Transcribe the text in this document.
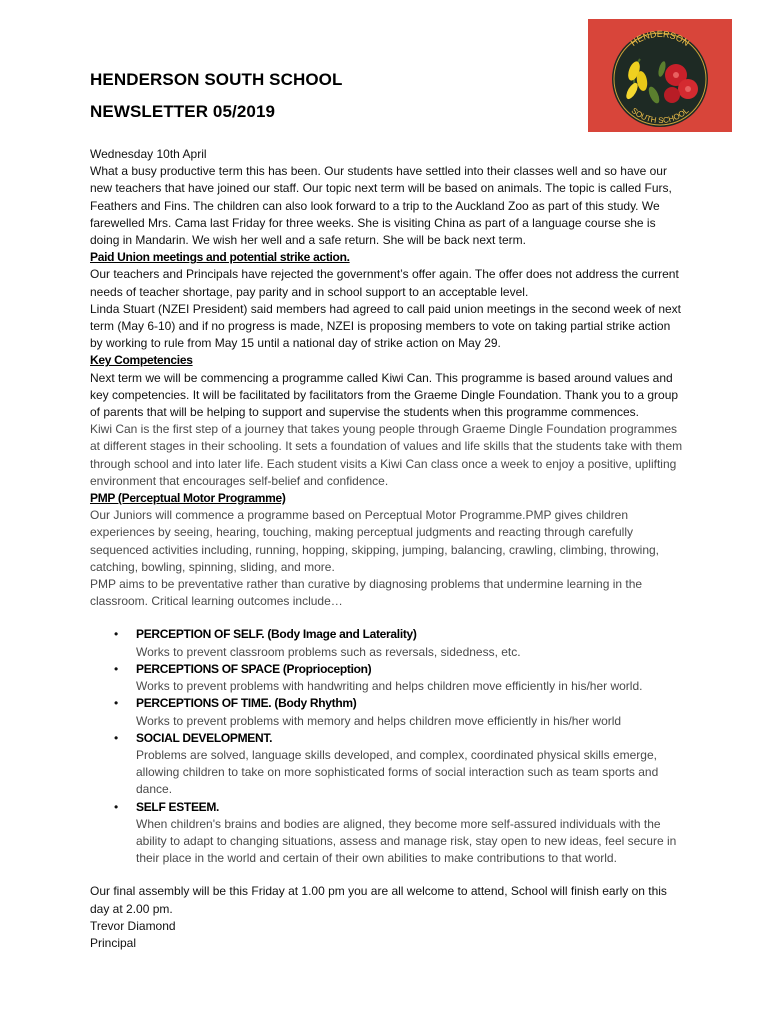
HENDERSON
SOUTH SCHOOL
HENDERSON SOUTH SCHOOL
NEWSLETTER 05/2019

Wednesday 10th April

What a busy productive term this has been. Our students have settled into their classes well and so have our new teachers that have joined our staff. Our topic next term will be based on animals. The topic is called Furs, Feathers and Fins. The children can also look forward to a trip to the Auckland Zoo as part of this study. We farewelled Mrs. Cama last Friday for three weeks. She is visiting China as part of a language course she is doing in Mandarin. We wish her well and a safe return. She will be back next term.

Paid Union meetings and potential strike action.

Our teachers and Principals have rejected the government’s offer again. The offer does not address the current needs of teacher shortage, pay parity and in school support to an acceptable level.

Linda Stuart (NZEI President) said members had agreed to call paid union meetings in the second week of next term (May 6-10) and if no progress is made, NZEI is proposing members to vote on taking partial strike action by working to rule from May 15 until a national day of strike action on May 29.

Key Competencies

Next term we will be commencing a programme called Kiwi Can. This programme is based around values and key competencies. It will be facilitated by facilitators from the Graeme Dingle Foundation. Thank you to a group of parents that will be helping to support and supervise the students when this programme commences.

Kiwi Can is the first step of a journey that takes young people through Graeme Dingle Foundation programmes at different stages in their schooling. It sets a foundation of values and life skills that the students take with them through school and into later life. Each student visits a Kiwi Can class once a week to enjoy a positive, uplifting environment that encourages self-belief and confidence.

PMP (Perceptual Motor Programme)

Our Juniors will commence a programme based on Perceptual Motor Programme.PMP gives children experiences by seeing, hearing, touching, making perceptual judgments and reacting through carefully sequenced activities including, running, hopping, skipping, jumping, balancing, crawling, climbing, throwing, catching, bowling, spinning, sliding, and more.

PMP aims to be preventative rather than curative by diagnosing problems that undermine learning in the classroom. Critical learning outcomes include…

• PERCEPTION OF SELF. (Body Image and Laterality)
Works to prevent classroom problems such as reversals, sidedness, etc.
• PERCEPTIONS OF SPACE (Proprioception)
Works to prevent problems with handwriting and helps children move efficiently in his/her world.
• PERCEPTIONS OF TIME. (Body Rhythm)
Works to prevent problems with memory and helps children move efficiently in his/her world
• SOCIAL DEVELOPMENT.
Problems are solved, language skills developed, and complex, coordinated physical skills emerge, allowing children to take on more sophisticated forms of social interaction such as team sports and dance.
• SELF ESTEEM.
When children's brains and bodies are aligned, they become more self-assured individuals with the ability to adapt to changing situations, assess and manage risk, stay open to new ideas, feel secure in their place in the world and certain of their own abilities to make contributions to that world.

Our final assembly will be this Friday at 1.00 pm you are all welcome to attend, School will finish early on this day at 2.00 pm.

Trevor Diamond

Principal
